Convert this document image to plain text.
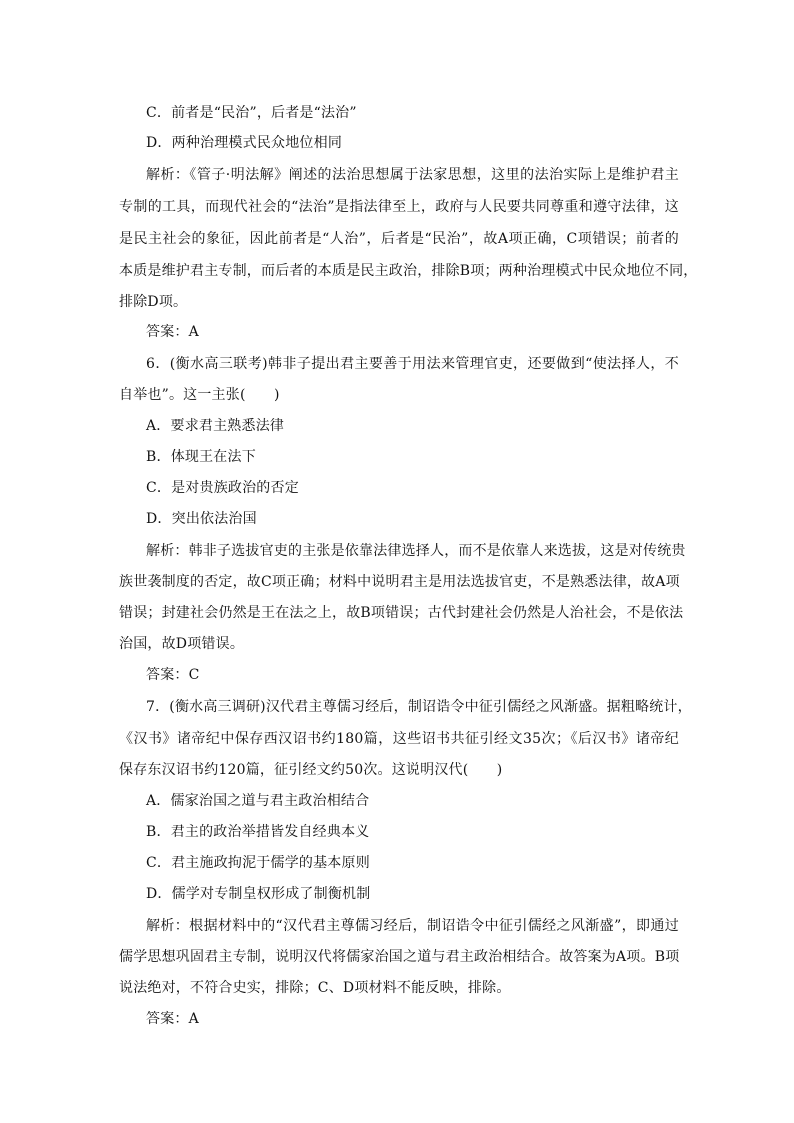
C．前者是“民治”，后者是“法治”
D．两种治理模式民众地位相同
解析：《管子·明法解》阐述的法治思想属于法家思想，这里的法治实际上是维护君主
专制的工具，而现代社会的“法治”是指法律至上，政府与人民要共同尊重和遵守法律，这
是民主社会的象征，因此前者是“人治”，后者是“民治”，故A项正确，C项错误；前者的
本质是维护君主专制，而后者的本质是民主政治，排除B项；两种治理模式中民众地位不同，
排除D项。
答案：A
6．(衡水高三联考)韩非子提出君主要善于用法来管理官吏，还要做到“使法择人，不
自举也”。这一主张(　　)
A．要求君主熟悉法律
B．体现王在法下
C．是对贵族政治的否定
D．突出依法治国
解析：韩非子选拔官吏的主张是依靠法律选择人，而不是依靠人来选拔，这是对传统贵
族世袭制度的否定，故C项正确；材料中说明君主是用法选拔官吏，不是熟悉法律，故A项
错误；封建社会仍然是王在法之上，故B项错误；古代封建社会仍然是人治社会，不是依法
治国，故D项错误。
答案：C
7．(衡水高三调研)汉代君主尊儒习经后，制诏诰令中征引儒经之风渐盛。据粗略统计，
《汉书》诸帝纪中保存西汉诏书约180篇，这些诏书共征引经文35次；《后汉书》诸帝纪
保存东汉诏书约120篇，征引经文约50次。这说明汉代(　　)
A．儒家治国之道与君主政治相结合
B．君主的政治举措皆发自经典本义
C．君主施政拘泥于儒学的基本原则
D．儒学对专制皇权形成了制衡机制
解析：根据材料中的“汉代君主尊儒习经后，制诏诰令中征引儒经之风渐盛”，即通过
儒学思想巩固君主专制，说明汉代将儒家治国之道与君主政治相结合。故答案为A项。B项
说法绝对，不符合史实，排除；C、D项材料不能反映，排除。
答案：A
